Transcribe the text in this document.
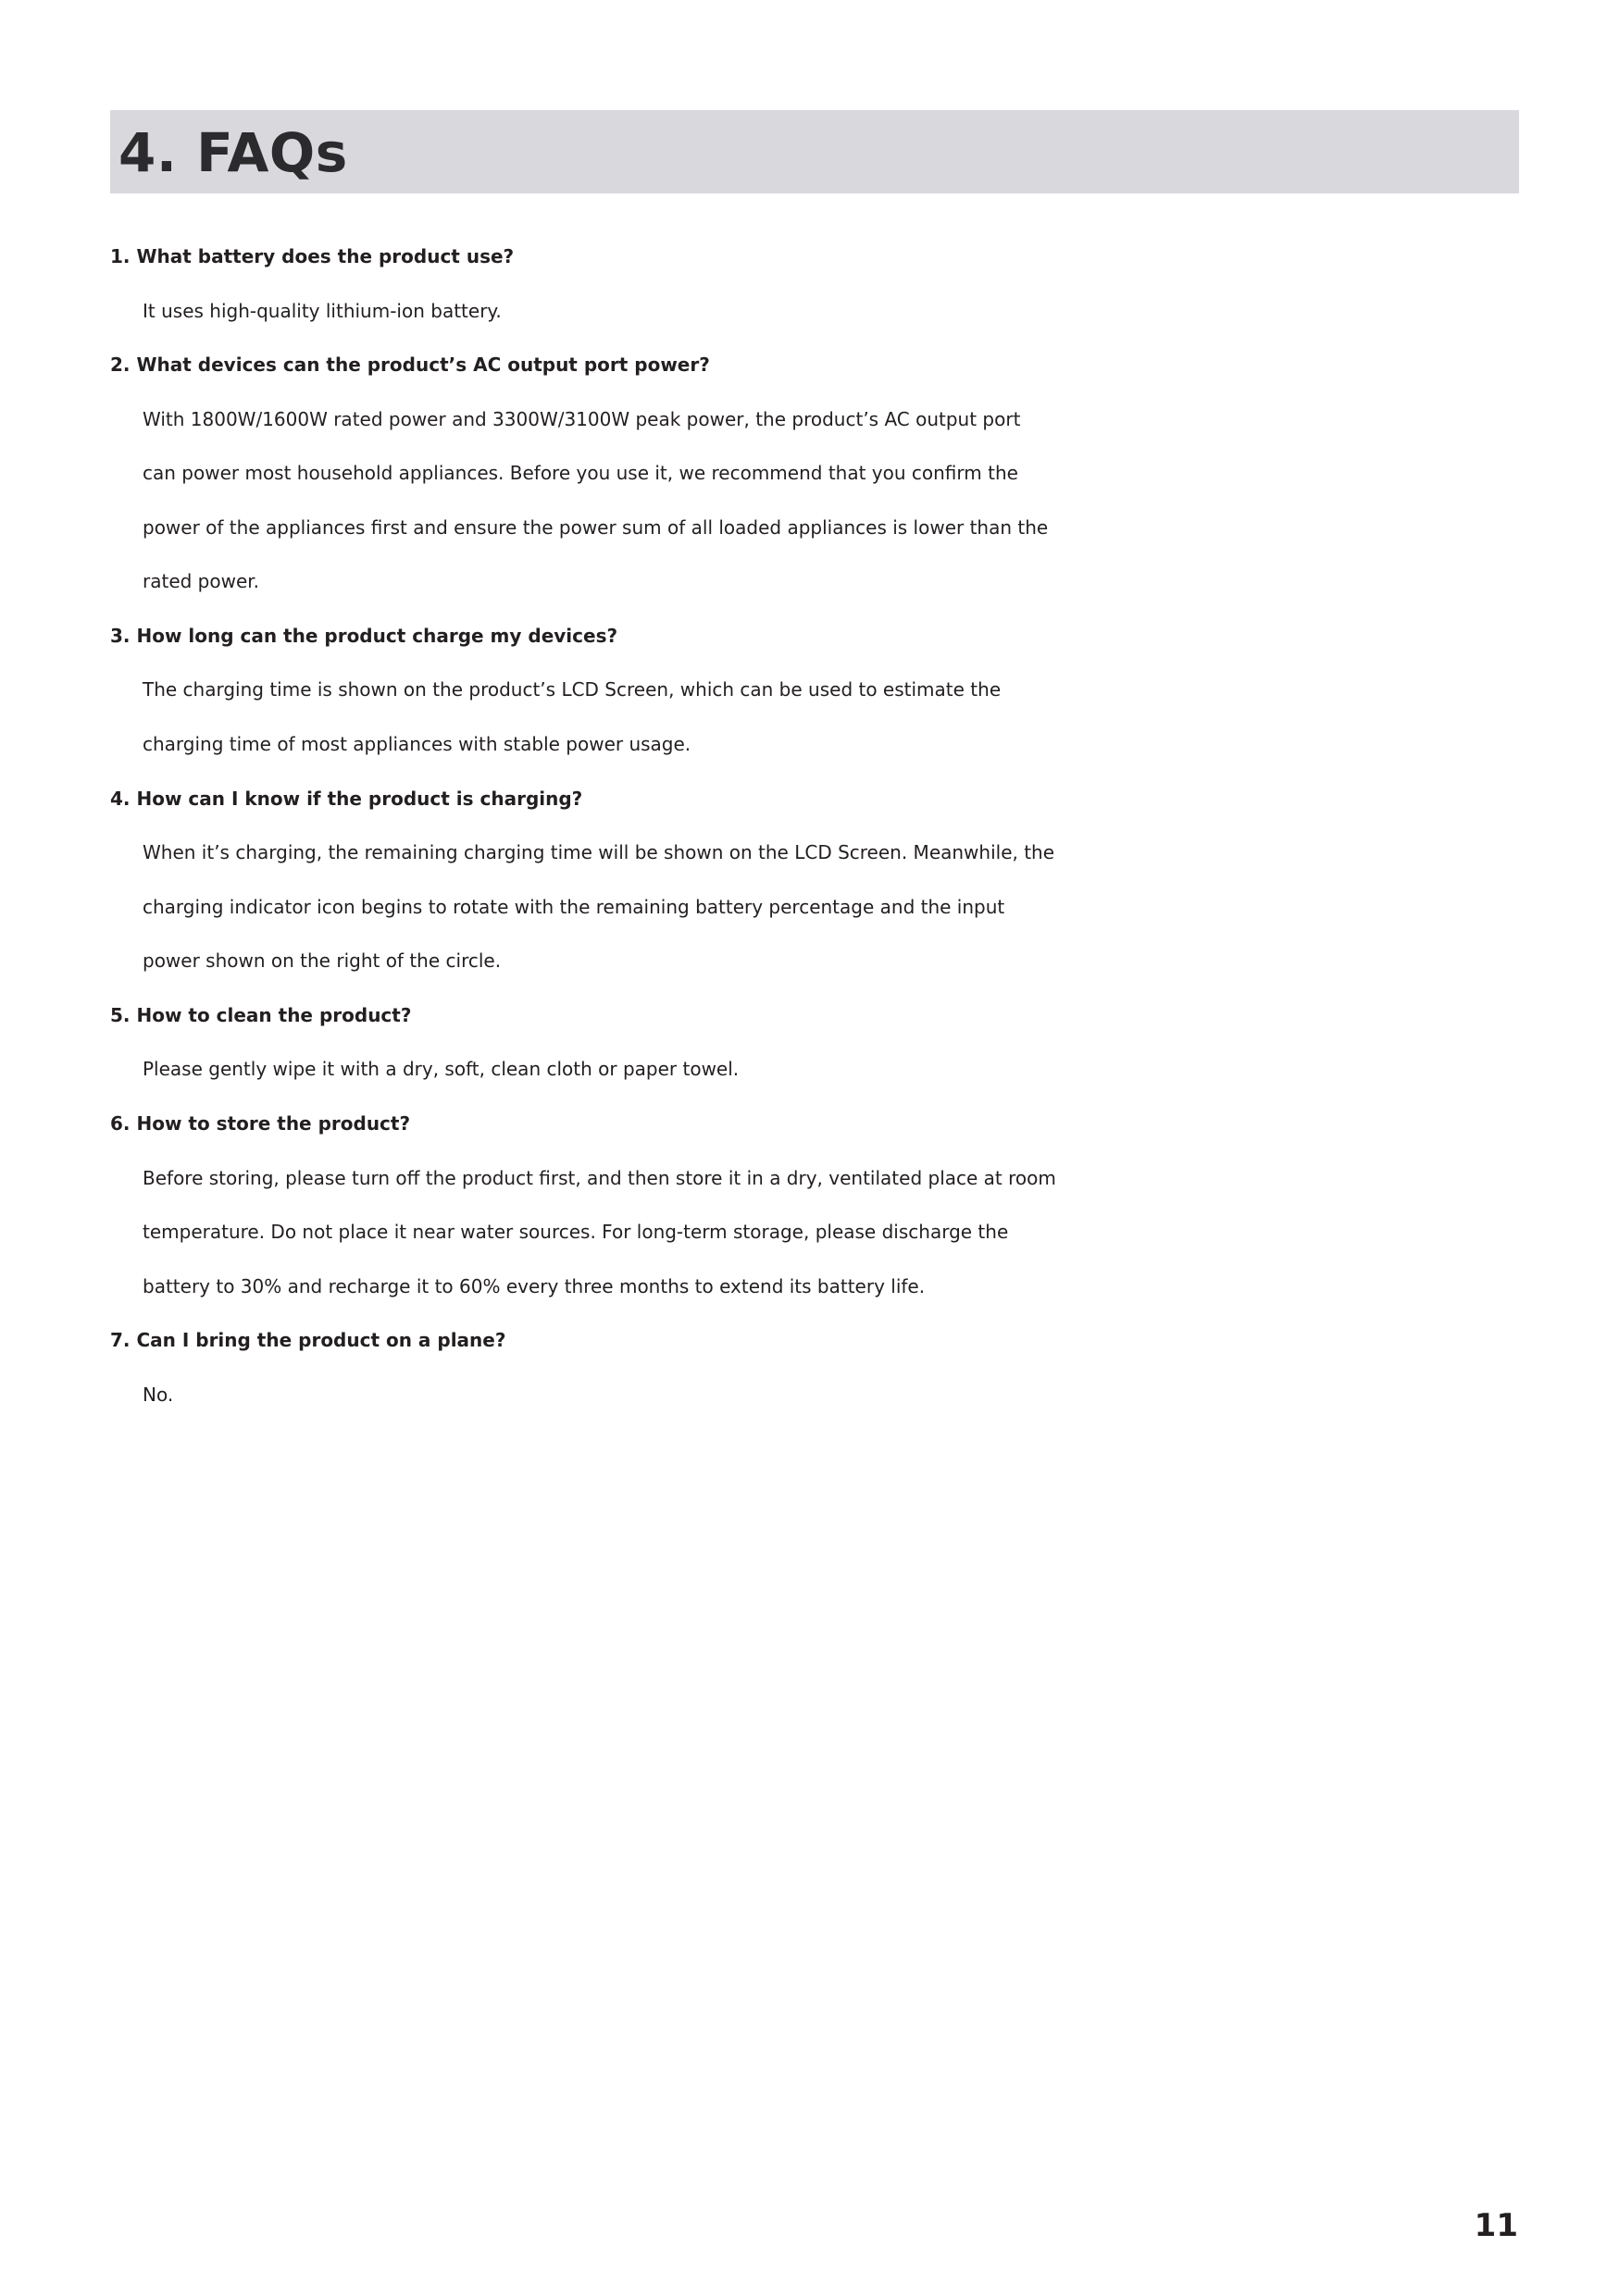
4. FAQs
1. What battery does the product use?
It uses high-quality lithium-ion battery.
2. What devices can the product’s AC output port power?
With 1800W/1600W rated power and 3300W/3100W peak power, the product’s AC output port
can power most household appliances. Before you use it, we recommend that you confirm the
power of the appliances first and ensure the power sum of all loaded appliances is lower than the
rated power.
3. How long can the product charge my devices?
The charging time is shown on the product’s LCD Screen, which can be used to estimate the
charging time of most appliances with stable power usage.
4. How can I know if the product is charging?
When it’s charging, the remaining charging time will be shown on the LCD Screen. Meanwhile, the
charging indicator icon begins to rotate with the remaining battery percentage and the input
power shown on the right of the circle.
5. How to clean the product?
Please gently wipe it with a dry, soft, clean cloth or paper towel.
6. How to store the product?
Before storing, please turn off the product first, and then store it in a dry, ventilated place at room
temperature. Do not place it near water sources. For long-term storage, please discharge the
battery to 30% and recharge it to 60% every three months to extend its battery life.
7. Can I bring the product on a plane?
No.
11
